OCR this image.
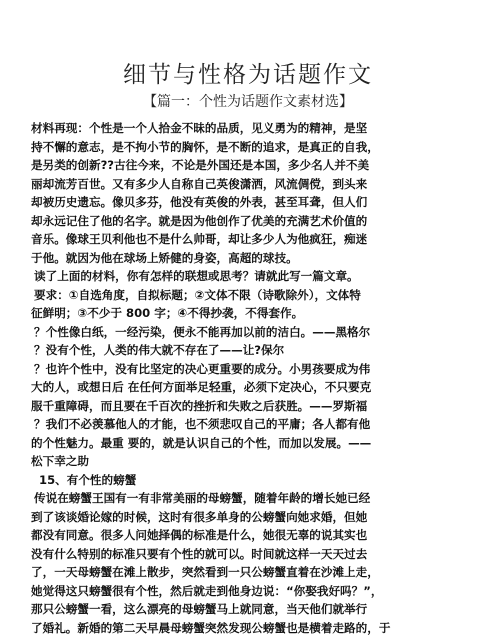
细节与性格为话题作文
【篇一：个性为话题作文素材选】
材料再现：个性是一个人拾金不昧的品质，见义勇为的精神，是坚
持不懈的意志，是不拘小节的胸怀，是不断的追求，是真正的自我，
是另类的创新??古往今来，不论是外国还是本国，多少名人并不美
丽却流芳百世。又有多少人自称自己英俊潇洒，风流倜傥，到头来
却被历史遗忘。像贝多芬，他没有英俊的外表，甚至耳聋，但人们
却永远记住了他的名字。就是因为他创作了优美的充满艺术价值的
音乐。像球王贝利他也不是什么帅哥，却让多少人为他疯狂，痴迷
于他。就因为他在球场上矫健的身姿，高超的球技。
读了上面的材料，你有怎样的联想或思考？请就此写一篇文章。
要求：①自选角度，自拟标题；②文体不限（诗歌除外），文体特
征鲜明；③不少于 800 字；④不得抄袭，不得套作。
？个性像白纸，一经污染，便永不能再加以前的洁白。——黑格尔
？没有个性，人类的伟大就不存在了——让?保尔
？也许个性中，没有比坚定的决心更重要的成分。小男孩要成为伟
大的人，或想日后 在任何方面举足轻重，必须下定决心，不只要克
服千重障碍，而且要在千百次的挫折和失败之后获胜。——罗斯福
？我们不必羡慕他人的才能，也不须悲叹自己的平庸；各人都有他
的个性魅力。最重 要的，就是认识自己的个性，而加以发展。——
松下幸之助
15、有个性的螃蟹
传说在螃蟹王国有一有非常美丽的母螃蟹，随着年龄的增长她已经
到了该谈婚论嫁的时候，这时有很多单身的公螃蟹向她求婚，但她
都没有同意。很多人问她择偶的标准是什么，她很无辜的说其实也
没有什么特别的标准只要有个性的就可以。时间就这样一天天过去
了，一天母螃蟹在滩上散步，突然看到一只公螃蟹直着在沙滩上走，
她觉得这只螃蟹很有个性，然后就走到他身边说：“你娶我好吗？”，
那只公螃蟹一看，这么漂亮的母螃蟹马上就同意，当天他们就举行
了婚礼。新婚的第二天早晨母螃蟹突然发现公螃蟹也是横着走路的，于
